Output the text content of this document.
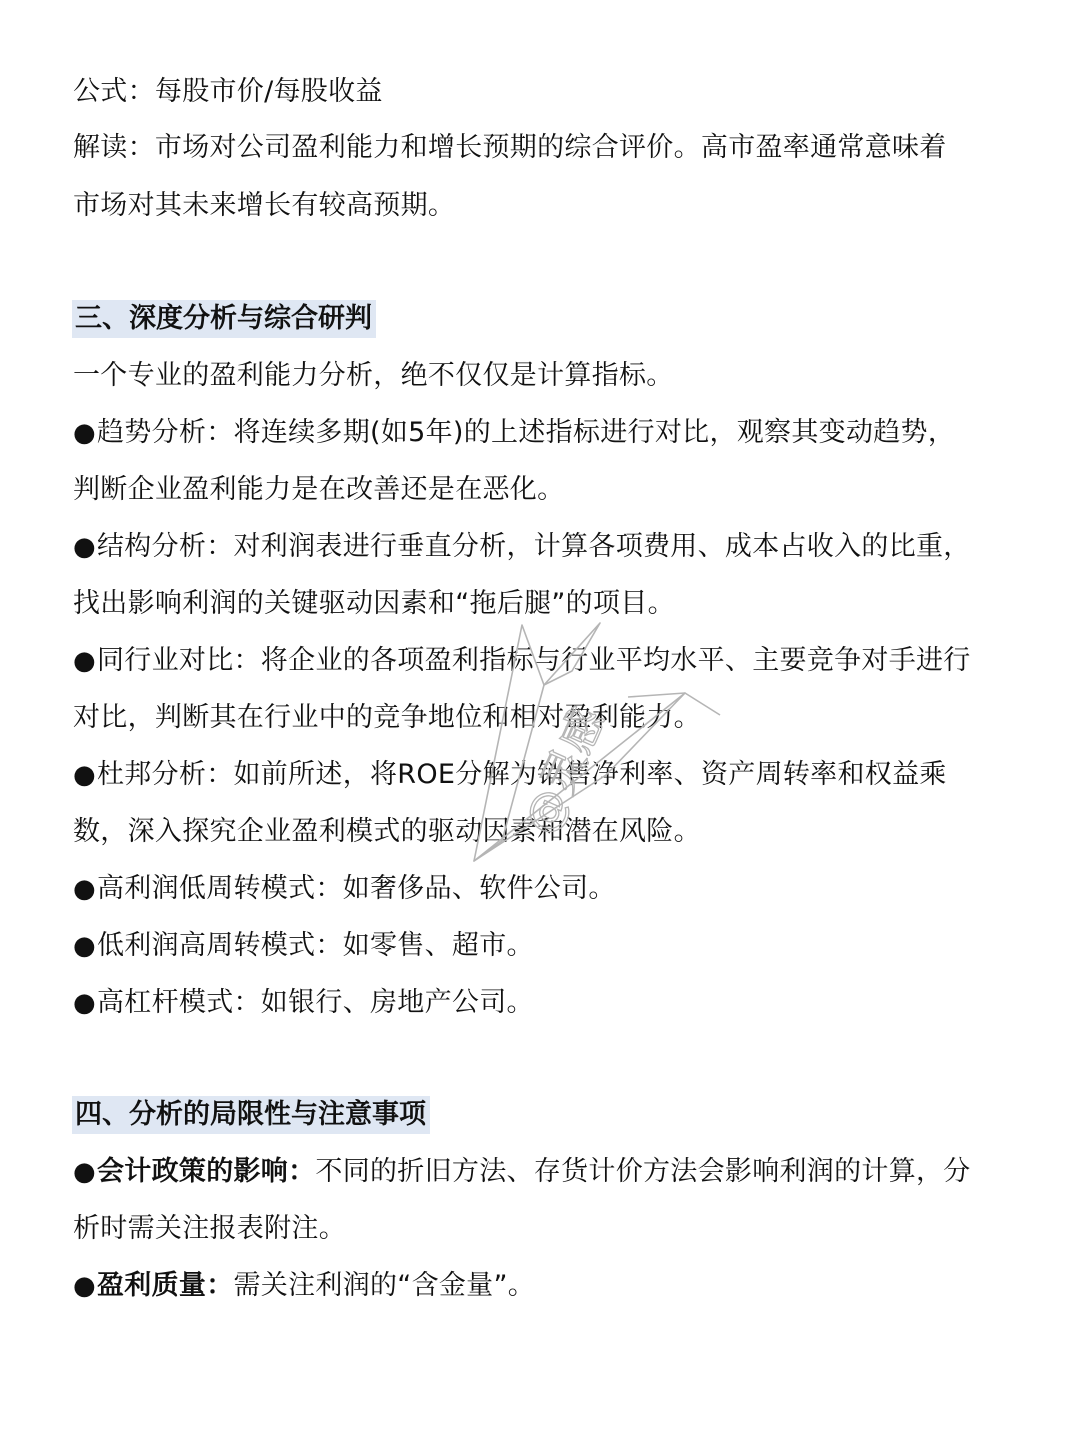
公式：每股市价/每股收益
解读：市场对公司盈利能力和增长预期的综合评价。高市盈率通常意味着
市场对其未来增长有较高预期。
三、深度分析与综合研判
一个专业的盈利能力分析，绝不仅仅是计算指标。
●趋势分析：将连续多期(如5年)的上述指标进行对比，观察其变动趋势，
判断企业盈利能力是在改善还是在恶化。
●结构分析：对利润表进行垂直分析，计算各项费用、成本占收入的比重，
找出影响利润的关键驱动因素和“拖后腿”的项目。
●同行业对比：将企业的各项盈利指标与行业平均水平、主要竞争对手进行
对比，判断其在行业中的竞争地位和相对盈利能力。
●杜邦分析：如前所述，将ROE分解为销售净利率、资产周转率和权益乘
数，深入探究企业盈利模式的驱动因素和潜在风险。
●高利润低周转模式：如奢侈品、软件公司。
●低利润高周转模式：如零售、超市。
●高杠杆模式：如银行、房地产公司。
四、分析的局限性与注意事项
●会计政策的影响：不同的折旧方法、存货计价方法会影响利润的计算，分
析时需关注报表附注。
●盈利质量：需关注利润的“含金量”。
@灵感
